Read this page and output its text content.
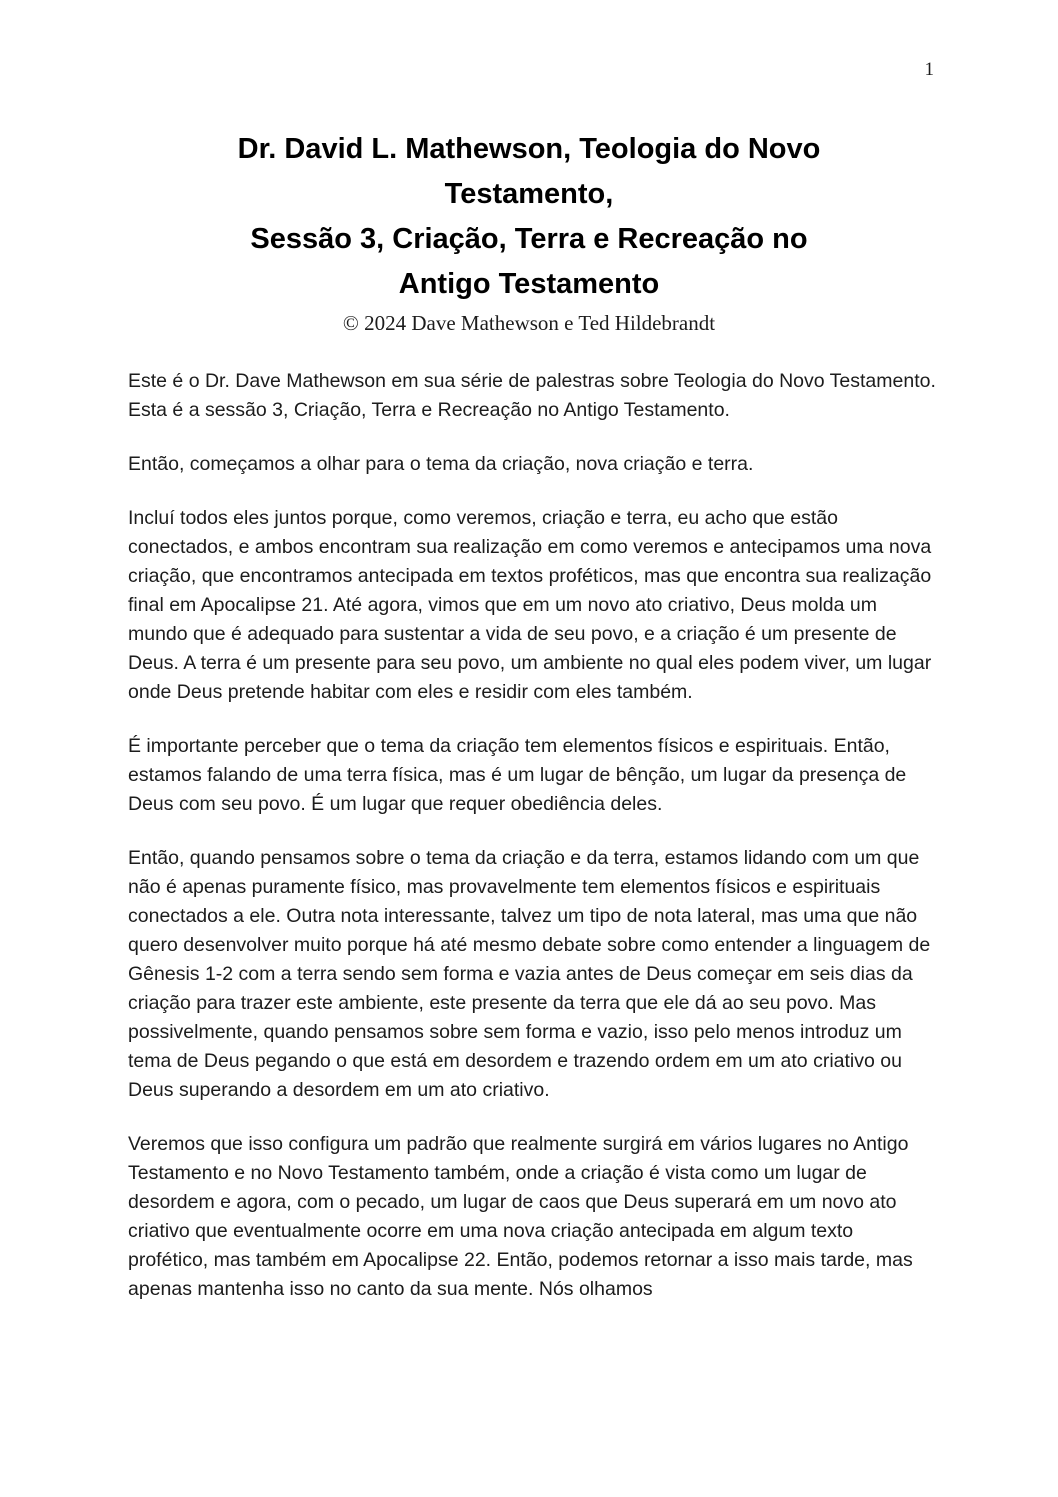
1
Dr. David L. Mathewson, Teologia do Novo
Testamento,
Sessão 3, Criação, Terra e Recreação no
Antigo Testamento
© 2024 Dave Mathewson e Ted Hildebrandt

Este é o Dr. Dave Mathewson em sua série de palestras sobre Teologia do Novo Testamento. Esta é a sessão 3, Criação, Terra e Recreação no Antigo Testamento.

Então, começamos a olhar para o tema da criação, nova criação e terra.

Incluí todos eles juntos porque, como veremos, criação e terra, eu acho que estão conectados, e ambos encontram sua realização em como veremos e antecipamos uma nova criação, que encontramos antecipada em textos proféticos, mas que encontra sua realização final em Apocalipse 21. Até agora, vimos que em um novo ato criativo, Deus molda um mundo que é adequado para sustentar a vida de seu povo, e a criação é um presente de Deus. A terra é um presente para seu povo, um ambiente no qual eles podem viver, um lugar onde Deus pretende habitar com eles e residir com eles também.

É importante perceber que o tema da criação tem elementos físicos e espirituais. Então, estamos falando de uma terra física, mas é um lugar de bênção, um lugar da presença de Deus com seu povo. É um lugar que requer obediência deles.

Então, quando pensamos sobre o tema da criação e da terra, estamos lidando com um que não é apenas puramente físico, mas provavelmente tem elementos físicos e espirituais conectados a ele. Outra nota interessante, talvez um tipo de nota lateral, mas uma que não quero desenvolver muito porque há até mesmo debate sobre como entender a linguagem de Gênesis 1-2 com a terra sendo sem forma e vazia antes de Deus começar em seis dias da criação para trazer este ambiente, este presente da terra que ele dá ao seu povo. Mas possivelmente, quando pensamos sobre sem forma e vazio, isso pelo menos introduz um tema de Deus pegando o que está em desordem e trazendo ordem em um ato criativo ou Deus superando a desordem em um ato criativo.

Veremos que isso configura um padrão que realmente surgirá em vários lugares no Antigo Testamento e no Novo Testamento também, onde a criação é vista como um lugar de desordem e agora, com o pecado, um lugar de caos que Deus superará em um novo ato criativo que eventualmente ocorre em uma nova criação antecipada em algum texto profético, mas também em Apocalipse 22. Então, podemos retornar a isso mais tarde, mas apenas mantenha isso no canto da sua mente. Nós olhamos
